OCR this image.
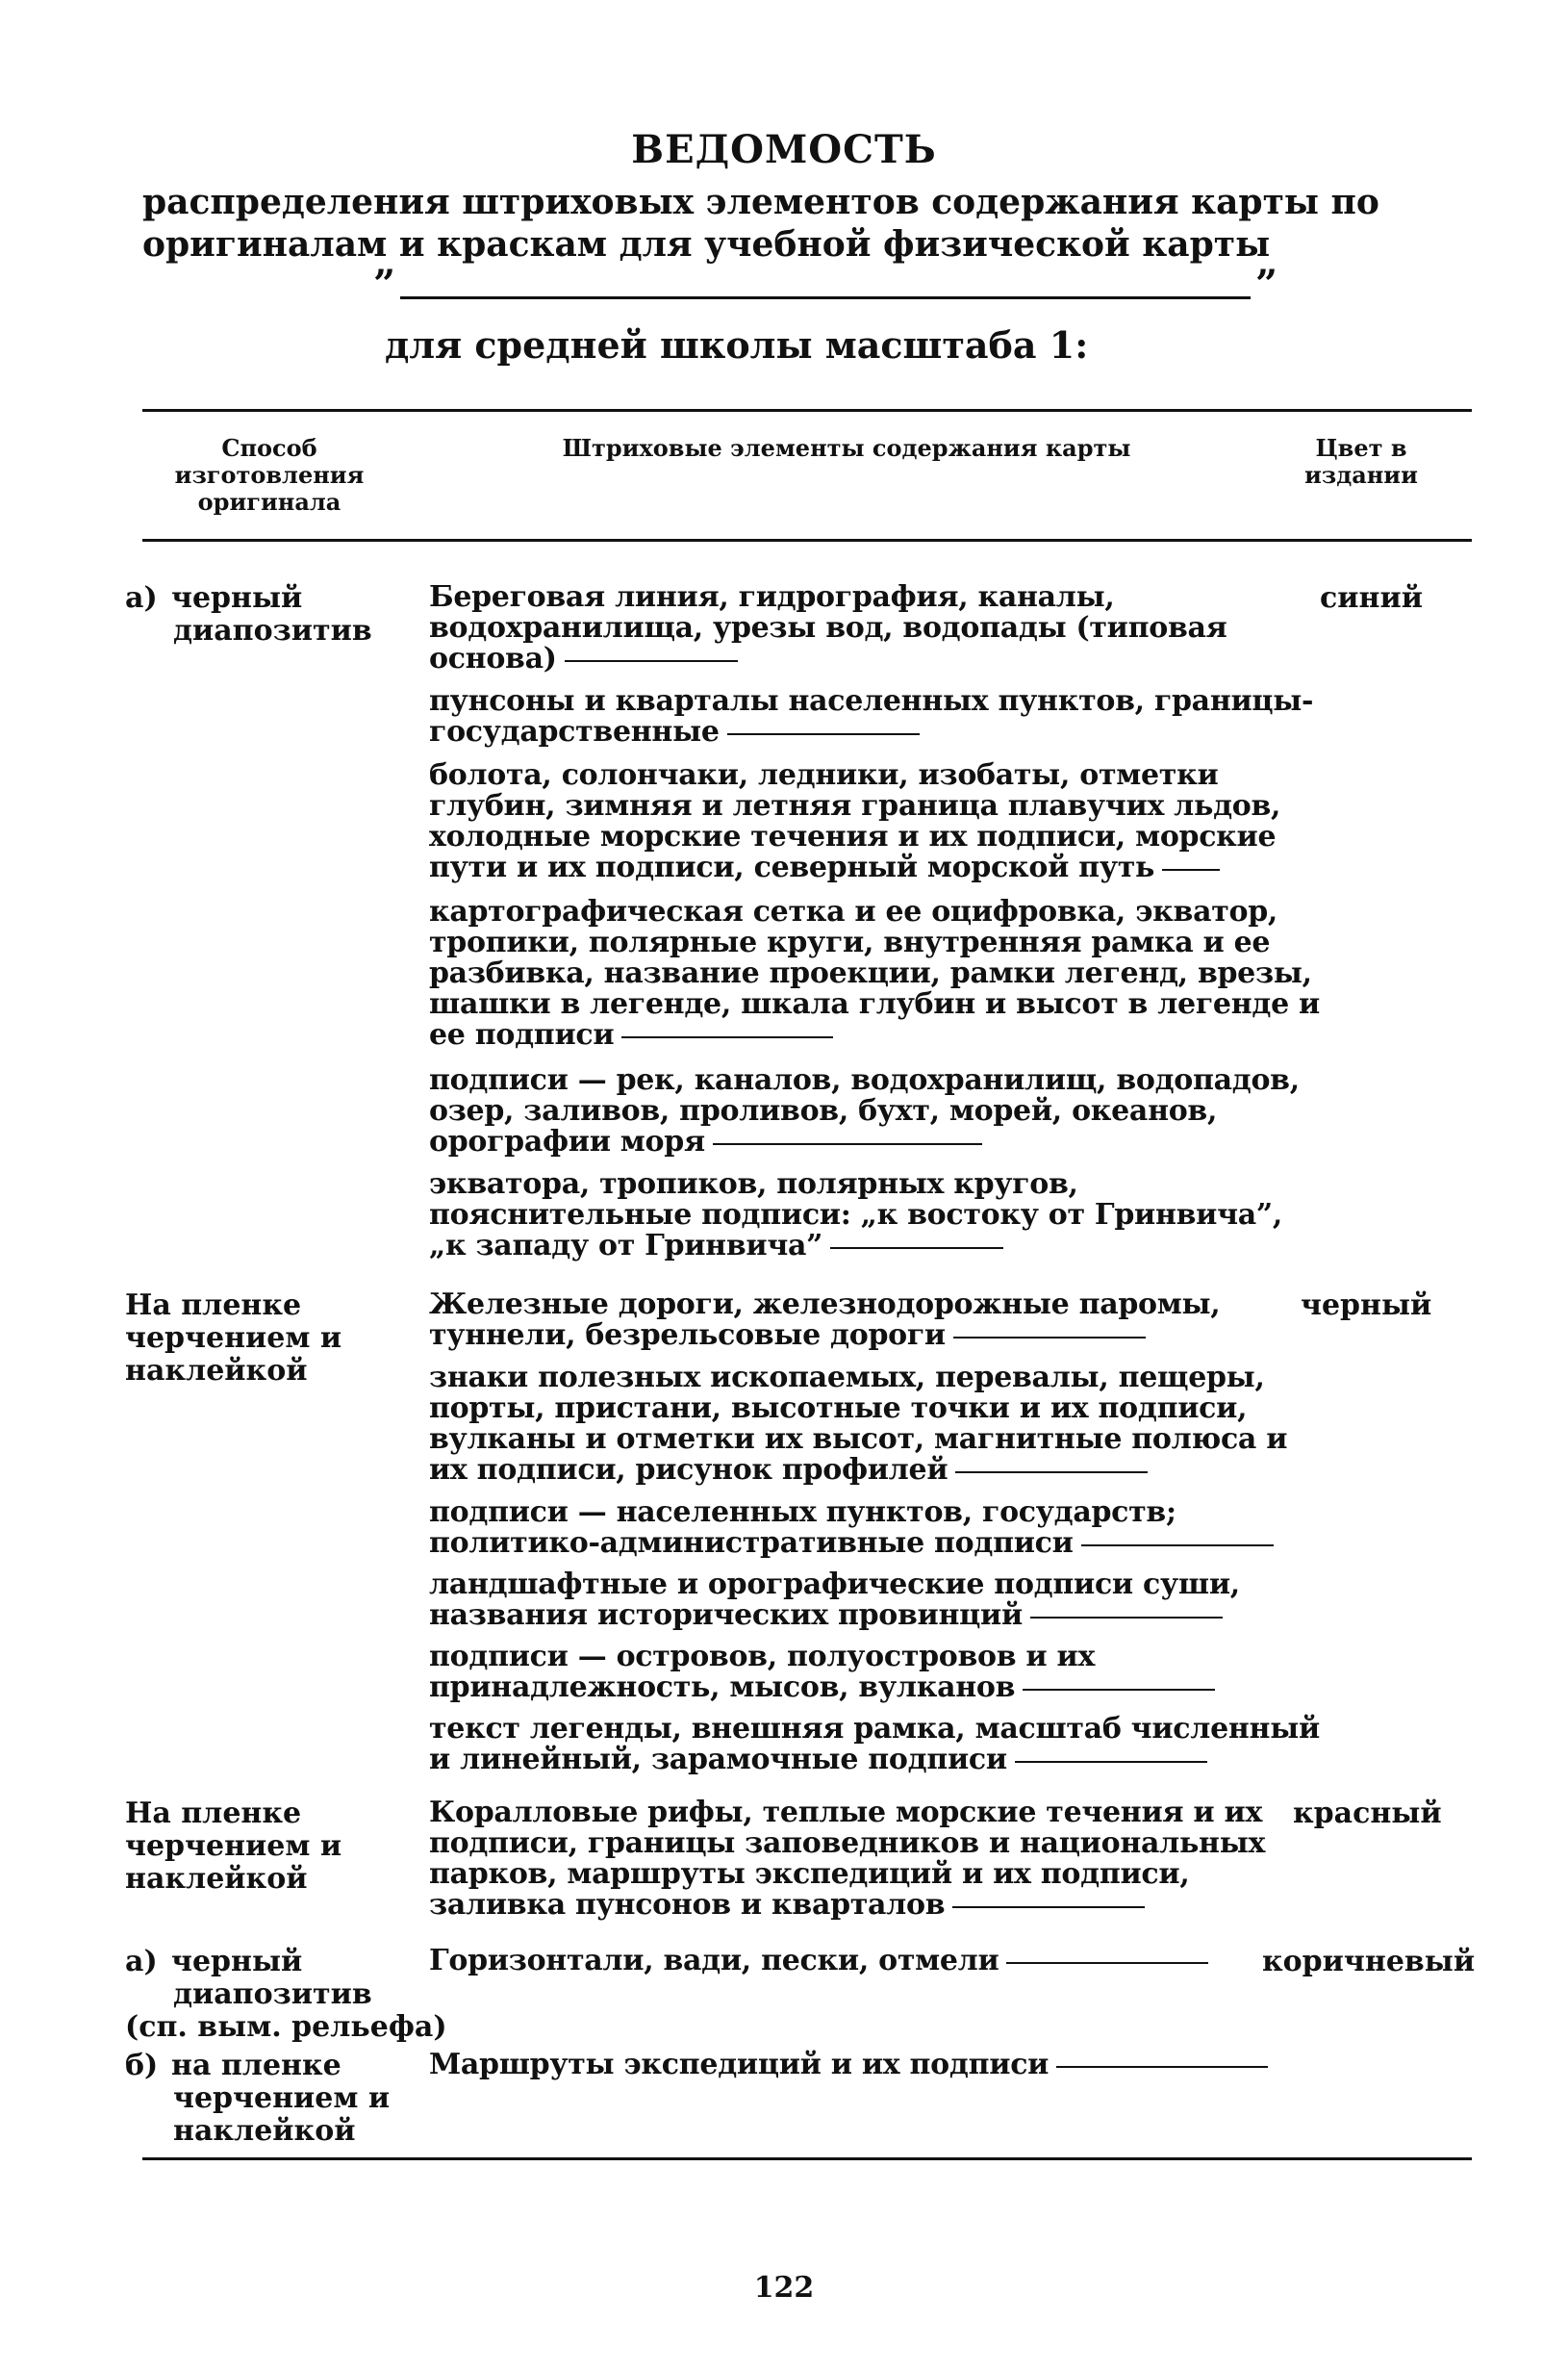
ВЕДОМОСТЬ
распределения штриховых элементов содержания карты по оригиналам и краскам для учебной физической карты
”	”
для средней школы масштаба 1:
Способ изготовления оригинала
Штриховые элементы содержания карты	Цвет в издании
а) черный
диапозитив
синий
Береговая линия, гидрография, каналы, водохранилища, урезы вод, водопады (типовая основа)
пунсоны и кварталы населенных пунктов, границы-государственные
болота, солончаки, ледники, изобаты, отметки глубин, зимняя и летняя граница плавучих льдов, холодные морские течения и их подписи, морские пути и их подписи, северный морской путь
картографическая сетка и ее оцифровка, экватор, тропики, полярные круги, внутренняя рамка и ее разбивка, название проекции, рамки легенд, врезы, шашки в легенде, шкала глубин и высот в легенде и ее подписи
подписи — рек, каналов, водохранилищ, водопадов, озер, заливов, проливов, бухт, морей, океанов, орографии моря
экватора, тропиков, полярных кругов, пояснительные подписи: „к востоку от Гринвича”, „к западу от Гринвича”
На пленке
черчением и
наклейкой
черный
Железные дороги, железнодорожные паромы, туннели, безрельсовые дороги
знаки полезных ископаемых, перевалы, пещеры, порты, пристани, высотные точки и их подписи, вулканы и отметки их высот, магнитные полюса и их подписи, рисунок профилей
подписи — населенных пунктов, государств; политико-административные подписи
ландшафтные и орографические подписи суши, названия исторических провинций
подписи — островов, полуостровов и их принадлежность, мысов, вулканов
текст легенды, внешняя рамка, масштаб численный и линейный, зарамочные подписи
На пленке
черчением и
наклейкой
красный
Коралловые рифы, теплые морские течения и их подписи, границы заповедников и национальных парков, маршруты экспедиций и их подписи, заливка пунсонов и кварталов
а) черный
диапозитив
(сп. вым. рельефа)
коричневый
Горизонтали, вади, пески, отмели
б) на пленке
черчением и
наклейкой
Маршруты экспедиций и их подписи
122
